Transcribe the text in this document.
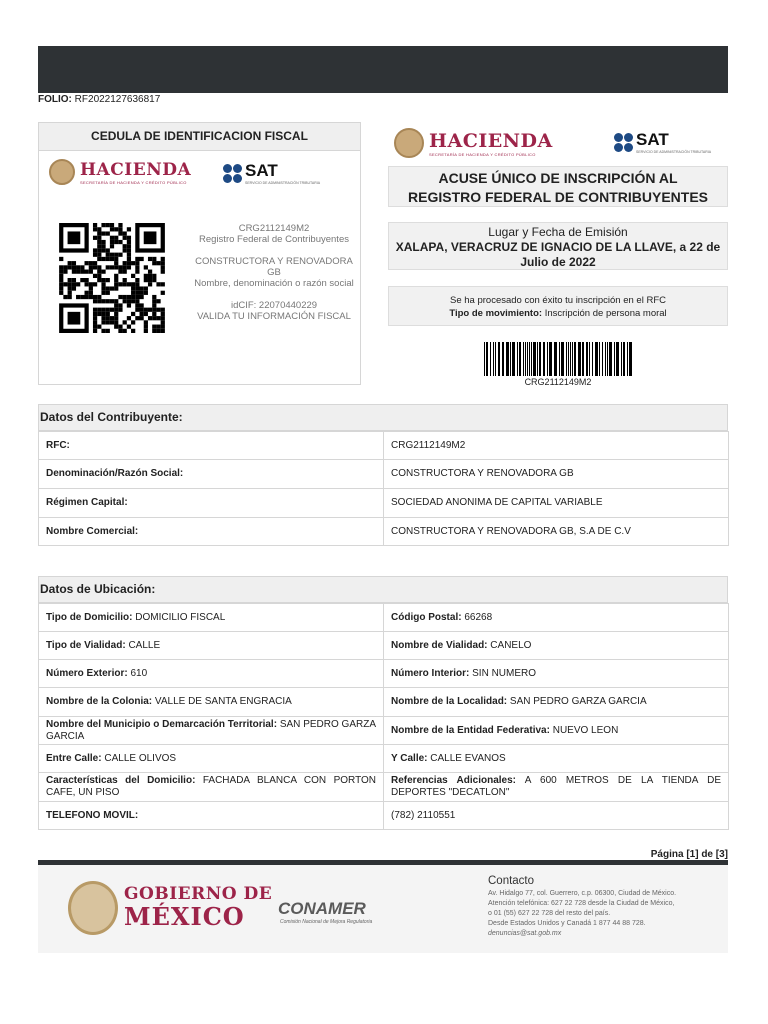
FOLIO: RF2022127636817
CEDULA DE IDENTIFICACION FISCAL
HACIENDA
SECRETARÍA DE HACIENDA Y CRÉDITO PÚBLICO
SAT
SERVICIO DE ADMINISTRACIÓN TRIBUTARIA

CRG2112149M2
Registro Federal de Contribuyentes

CONSTRUCTORA Y RENOVADORA GB
Nombre, denominación o razón social

idCIF: 22070440229
VALIDA TU INFORMACIÓN FISCAL

HACIENDA
SECRETARÍA DE HACIENDA Y CRÉDITO PÚBLICO
SAT
SERVICIO DE ADMINISTRACIÓN TRIBUTARIA
ACUSE ÚNICO DE INSCRIPCIÓN AL
REGISTRO FEDERAL DE CONTRIBUYENTES
Lugar y Fecha de Emisión
XALAPA, VERACRUZ DE IGNACIO DE LA LLAVE, a 22 de Julio de 2022
Se ha procesado con éxito tu inscripción en el RFC
Tipo de movimiento: Inscripción de persona moral
CRG2112149M2
Datos del Contribuyente:
RFC:	CRG2112149M2
Denominación/Razón Social:	CONSTRUCTORA Y RENOVADORA GB
Régimen Capital:	SOCIEDAD ANONIMA DE CAPITAL VARIABLE
Nombre Comercial:	CONSTRUCTORA Y RENOVADORA GB, S.A DE C.V
Datos de Ubicación:
Tipo de Domicilio: DOMICILIO FISCAL	Código Postal: 66268
Tipo de Vialidad: CALLE	Nombre de Vialidad: CANELO
Número Exterior: 610	Número Interior: SIN NUMERO
Nombre de la Colonia: VALLE DE SANTA ENGRACIA	Nombre de la Localidad: SAN PEDRO GARZA GARCIA
Nombre del Municipio o Demarcación Territorial: SAN PEDRO GARZA GARCIA	Nombre de la Entidad Federativa: NUEVO LEON
Entre Calle: CALLE OLIVOS	Y Calle: CALLE EVANOS
Características del Domicilio: FACHADA BLANCA CON PORTON CAFE, UN PISO	Referencias Adicionales: A 600 METROS DE LA TIENDA DE DEPORTES "DECATLON"
TELEFONO MOVIL:	(782) 2110551
Página [1] de [3]
GOBIERNO DE
MÉXICO	CONAMER
Comisión Nacional de Mejora Regulatoria
Contacto
Av. Hidalgo 77, col. Guerrero, c.p. 06300, Ciudad de México.
Atención telefónica: 627 22 728 desde la Ciudad de México,
o 01 (55) 627 22 728 del resto del país.
Desde Estados Unidos y Canadá 1 877 44 88 728.
denuncias@sat.gob.mx
